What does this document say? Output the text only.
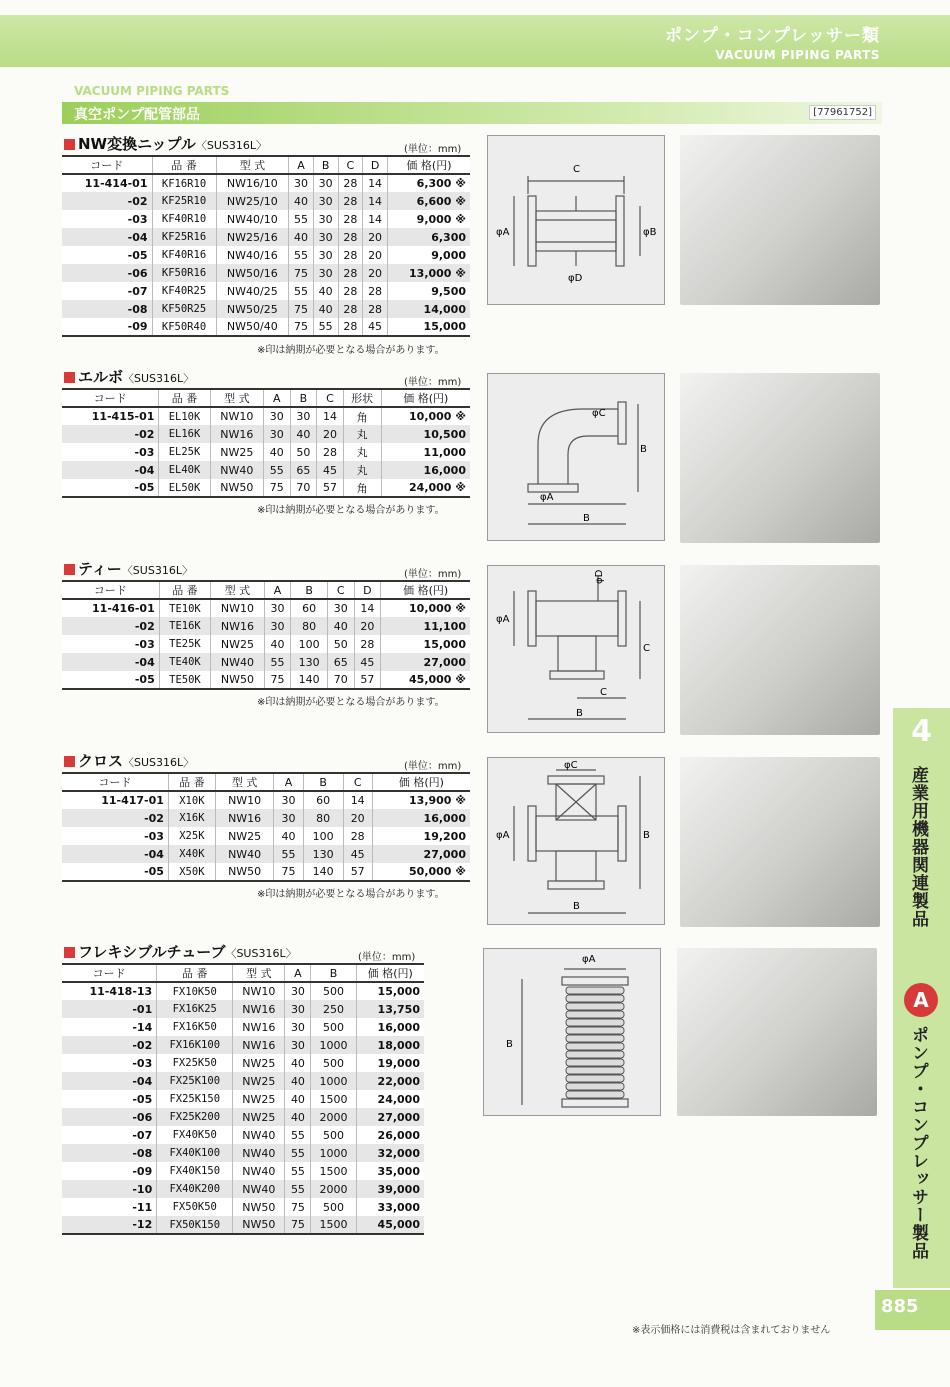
ポンプ・コンプレッサー類
VACUUM PIPING PARTS
VACUUM PIPING PARTS
真空ポンプ配管部品	[77961752]
NW変換ニップル〈SUS316L〉	(単位：mm)
コード	品 番	型 式	A	B	C	D	価 格(円)
11-414-01	KF16R10	NW16/10	30	30	28	14	6,300 ※
-02	KF25R10	NW25/10	40	30	28	14	6,600 ※
-03	KF40R10	NW40/10	55	30	28	14	9,000 ※
-04	KF25R16	NW25/16	40	30	28	20	6,300
-05	KF40R16	NW40/16	55	30	28	20	9,000
-06	KF50R16	NW50/16	75	30	28	20	13,000 ※
-07	KF40R25	NW40/25	55	40	28	28	9,500
-08	KF50R25	NW50/25	75	40	28	28	14,000
-09	KF50R40	NW50/40	75	55	28	45	15,000
※印は納期が必要となる場合があります。
エルボ〈SUS316L〉	(単位：mm)
コード	品 番	型 式	A	B	C	形状	価 格(円)
11-415-01	EL10K	NW10	30	30	14	角	10,000 ※
-02	EL16K	NW16	30	40	20	丸	10,500
-03	EL25K	NW25	40	50	28	丸	11,000
-04	EL40K	NW40	55	65	45	丸	16,000
-05	EL50K	NW50	75	70	57	角	24,000 ※
※印は納期が必要となる場合があります。
ティー〈SUS316L〉	(単位：mm)
コード	品 番	型 式	A	B	C	D	価 格(円)
11-416-01	TE10K	NW10	30	60	30	14	10,000 ※
-02	TE16K	NW16	30	80	40	20	11,100
-03	TE25K	NW25	40	100	50	28	15,000
-04	TE40K	NW40	55	130	65	45	27,000
-05	TE50K	NW50	75	140	70	57	45,000 ※
※印は納期が必要となる場合があります。
クロス〈SUS316L〉	(単位：mm)
コード	品 番	型 式	A	B	C	価 格(円)
11-417-01	X10K	NW10	30	60	14	13,900 ※
-02	X16K	NW16	30	80	20	16,000
-03	X25K	NW25	40	100	28	19,200
-04	X40K	NW40	55	130	45	27,000
-05	X50K	NW50	75	140	57	50,000 ※
※印は納期が必要となる場合があります。
フレキシブルチューブ〈SUS316L〉	(単位：mm)
コード	品 番	型 式	A	B	価 格(円)
11-418-13	FX10K50	NW10	30	500	15,000
-01	FX16K25	NW16	30	250	13,750
-14	FX16K50	NW16	30	500	16,000
-02	FX16K100	NW16	30	1000	18,000
-03	FX25K50	NW25	40	500	19,000
-04	FX25K100	NW25	40	1000	22,000
-05	FX25K150	NW25	40	1500	24,000
-06	FX25K200	NW25	40	2000	27,000
-07	FX40K50	NW40	55	500	26,000
-08	FX40K100	NW40	55	1000	32,000
-09	FX40K150	NW40	55	1500	35,000
-10	FX40K200	NW40	55	2000	39,000
-11	FX50K50	NW50	75	500	33,000
-12	FX50K150	NW50	75	1500	45,000
C
φA	φB
φD
φC
B
φA
B
φD
φA
C
C
B
φC
φA	B
B
φA
B
4
産業用機器関連製品
A
ポンプ・コンプレッサー製品
885
※表示価格には消費税は含まれておりません
